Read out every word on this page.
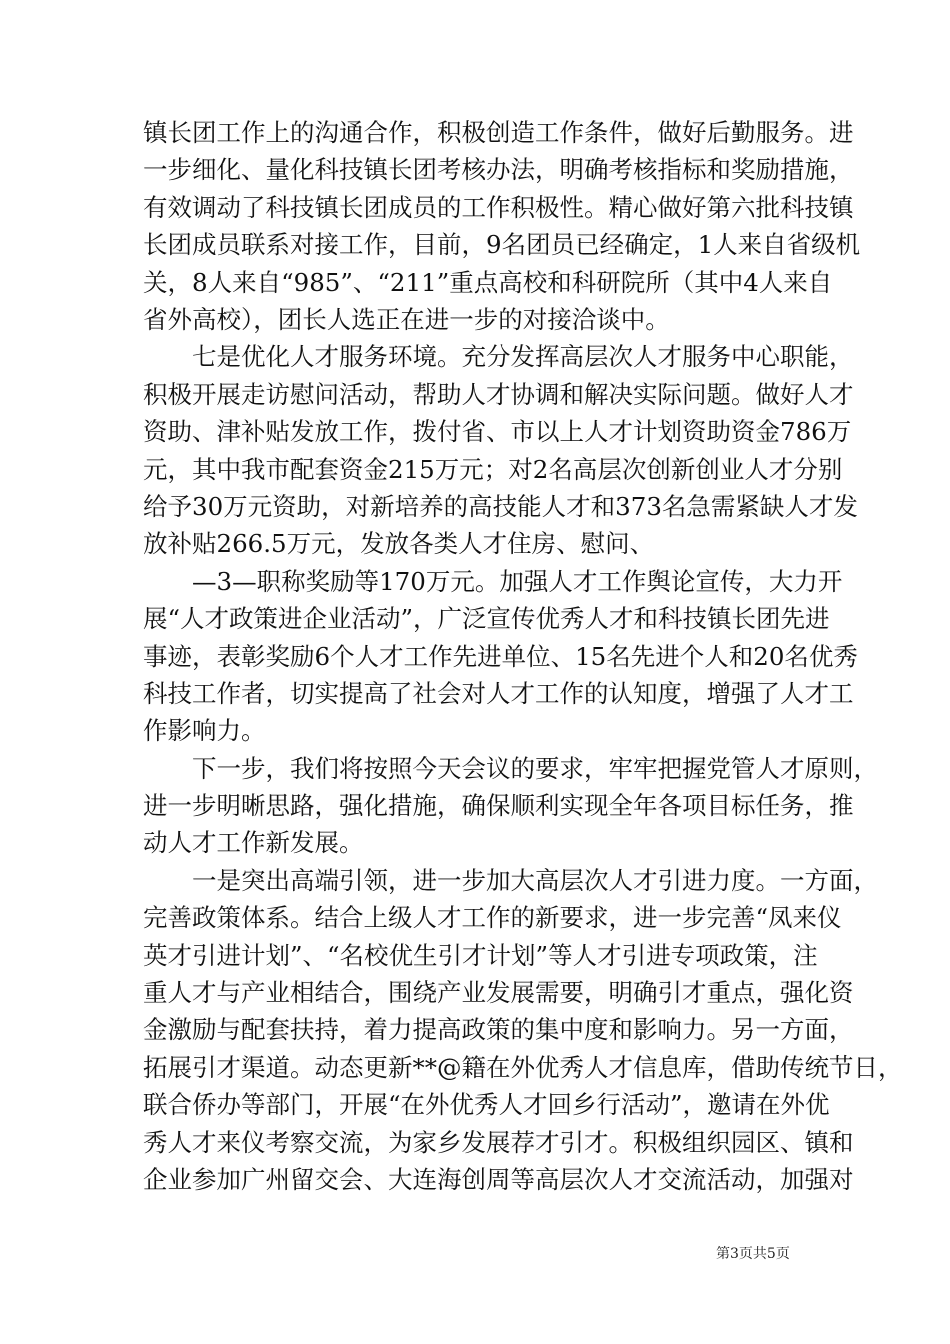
镇长团工作上的沟通合作，积极创造工作条件，做好后勤服务。进
一步细化、量化科技镇长团考核办法，明确考核指标和奖励措施，
有效调动了科技镇长团成员的工作积极性。精心做好第六批科技镇
长团成员联系对接工作，目前，9名团员已经确定，1人来自省级机
关，8人来自“985”、“211”重点高校和科研院所（其中4人来自
省外高校），团长人选正在进一步的对接洽谈中。
七是优化人才服务环境。充分发挥高层次人才服务中心职能，
积极开展走访慰问活动，帮助人才协调和解决实际问题。做好人才
资助、津补贴发放工作，拨付省、市以上人才计划资助资金786万
元，其中我市配套资金215万元；对2名高层次创新创业人才分别
给予30万元资助，对新培养的高技能人才和373名急需紧缺人才发
放补贴266.5万元，发放各类人才住房、慰问、
—3—职称奖励等170万元。加强人才工作舆论宣传，大力开
展“人才政策进企业活动”，广泛宣传优秀人才和科技镇长团先进
事迹，表彰奖励6个人才工作先进单位、15名先进个人和20名优秀
科技工作者，切实提高了社会对人才工作的认知度，增强了人才工
作影响力。
下一步，我们将按照今天会议的要求，牢牢把握党管人才原则，
进一步明晰思路，强化措施，确保顺利实现全年各项目标任务，推
动人才工作新发展。
一是突出高端引领，进一步加大高层次人才引进力度。一方面，
完善政策体系。结合上级人才工作的新要求，进一步完善“凤来仪
英才引进计划”、“名校优生引才计划”等人才引进专项政策，注
重人才与产业相结合，围绕产业发展需要，明确引才重点，强化资
金激励与配套扶持，着力提高政策的集中度和影响力。另一方面，
拓展引才渠道。动态更新**@籍在外优秀人才信息库，借助传统节日，
联合侨办等部门，开展“在外优秀人才回乡行活动”，邀请在外优
秀人才来仪考察交流，为家乡发展荐才引才。积极组织园区、镇和
企业参加广州留交会、大连海创周等高层次人才交流活动，加强对
第3页共5页
